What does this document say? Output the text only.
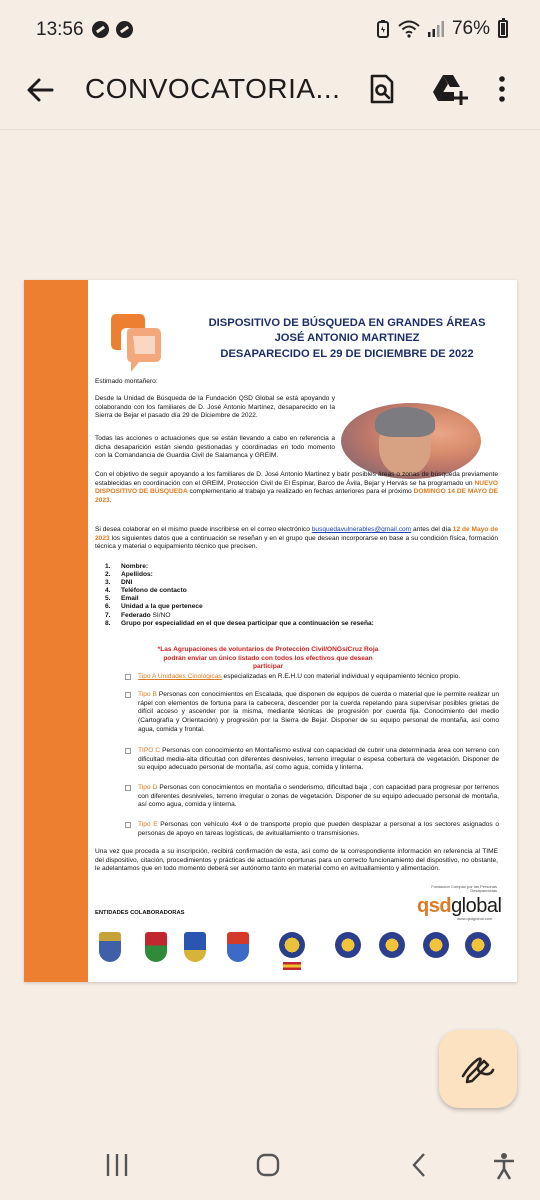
13:56	76%
CONVOCATORIA...
DISPOSITIVO DE BÚSQUEDA EN GRANDES ÁREAS
JOSÉ ANTONIO MARTINEZ
DESAPARECIDO EL 29 DE DICIEMBRE DE 2022
Estimado montañero:
Desde la Unidad de Búsqueda de la Fundación QSD Global se está apoyando y colaborando con los familiares de D. José Antonio Martínez, desaparecido en la Sierra de Bejar el pasado día 29 de Diciembre de 2022.
Todas las acciones o actuaciones que se están llevando a cabo en referencia a dicha desaparición están siendo gestionadas y coordinadas en todo momento con la Comandancia de Guardia Civil de Salamanca y GREIM.
Con el objetivo de seguir apoyando a los familiares de D. José Antonio Martinez y batir posibles áreas o zonas de búsqueda previamente establecidas en coordinación con el GREIM, Protección Civil de El Espinar, Barco de Ávila, Bejar y Hervás se ha programado un NUEVO DISPOSITIVO DE BÚSQUEDA complementario al trabajo ya realizado en fechas anteriores para el próximo DOMINGO 14 DE MAYO DE 2023.
Si desea colaborar en el mismo puede inscribirse en el correo electrónico busquedavulnerables@gmail.com antes del día 12 de Mayo de 2023 los siguientes datos que a continuación se reseñan y en el grupo que desean incorporarse en base a su condición física, formación técnica y material o equipamiento técnico que precisen.
1. Nombre:
2. Apellidos:
3. DNI
4. Teléfono de contacto
5. Email
6. Unidad a la que pertenece
7. Federado SI/NO
8. Grupo por especialidad en el que desea participar que a continuación se reseña:
*Las Agrupaciones de voluntarios de Protección Civil/ONGs/Cruz Roja podrán enviar un único listado con todos los efectivos que desean participar
Tipo A Unidades Cinológicas especializadas en R.E.H.U con material individual y equipamiento técnico propio.
Tipo B Personas con conocimientos en Escalada, que disponen de equipos de cuerda o material que le permite realizar un rápel con elementos de fortuna para la cabecera, descender por la cuerda repelando para supervisar posibles grietas de difícil acceso y ascender por la misma, mediante técnicas de progresión por cuerda fija. Conocimiento del medio (Cartografía y Orientación) y progresión por la Sierra de Bejar. Disponer de su equipo personal de montaña, así como agua, comida y frontal.
TIPO C Personas con conocimiento en Montañismo estival con capacidad de cubrir una determinada área con terreno con dificultad media-alta dificultad con diferentes desniveles, terreno irregular o espesa cobertura de vegetación. Disponer de su equipo adecuado personal de montaña, así como agua, comida y linterna.
Tipo D Personas con conocimientos en montaña o senderismo, dificultad baja , con capacidad para progresar por terrenos con diferentes desniveles, terreno irregular o zonas de vegetación. Disponer de su equipo adecuado personal de montaña, así como agua, comida y linterna.
Tipo E Personas con vehículo 4x4 o de transporte propio que pueden desplazar a personal a los sectores asignados o personas de apoyo en tareas logísticas, de avituallamiento o transmisiones.
Una vez que proceda a su inscripción, recibirá confirmación de esta, así como de la correspondiente información en referencia al TIME del dispositivo, citación, procedimientos y prácticas de actuación oportunas para un correcto funcionamiento del dispositivo, no obstante, le adelantamos que en todo momento deberá ser autónomo tanto en material como en avituallamiento y alimentación.
Fundación Compaz por las Personas Desaparecidas
qsdglobal
www.qsdglobal.com
ENTIDADES COLABORADORAS
